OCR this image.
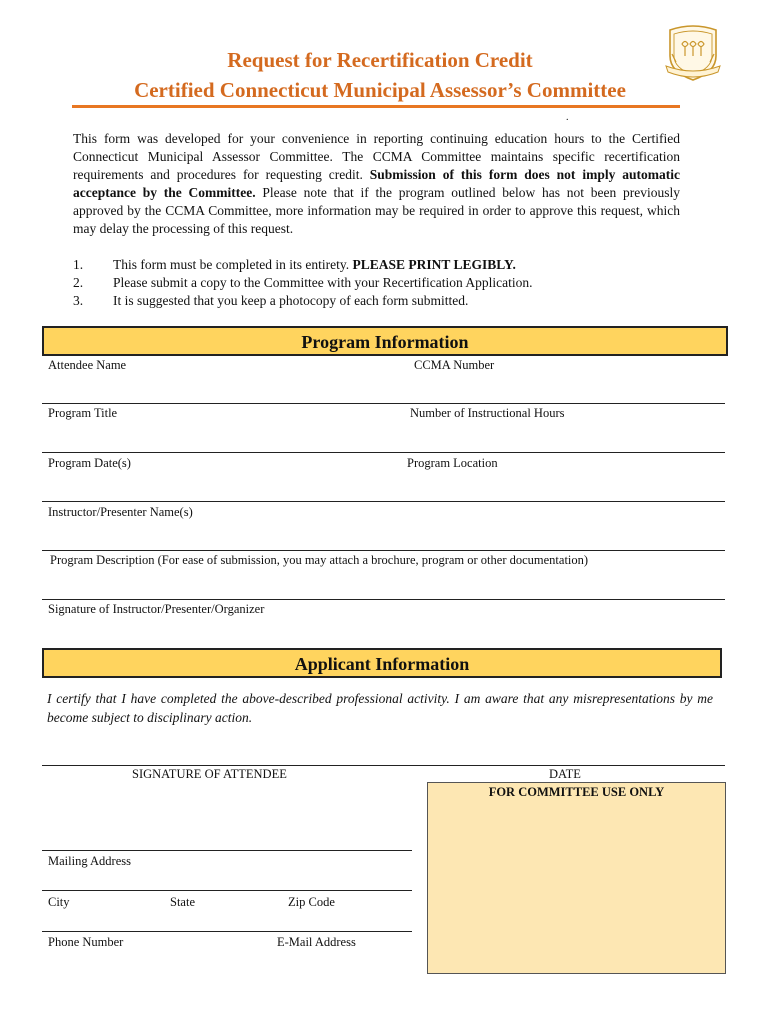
Request for Recertification Credit
Certified Connecticut Municipal Assessor’s Committee
.
This form was developed for your convenience in reporting continuing education hours to the Certified Connecticut Municipal Assessor Committee. The CCMA Committee maintains specific recertification requirements and procedures for requesting credit. Submission of this form does not imply automatic acceptance by the Committee. Please note that if the program outlined below has not been previously approved by the CCMA Committee, more information may be required in order to approve this request, which may delay the processing of this request.
1.	This form must be completed in its entirety. PLEASE PRINT LEGIBLY.
2.	Please submit a copy to the Committee with your Recertification Application.
3.	It is suggested that you keep a photocopy of each form submitted.
Program Information
Attendee Name	CCMA Number
Program Title	Number of Instructional Hours
Program Date(s)	Program Location
Instructor/Presenter Name(s)
Program Description (For ease of submission, you may attach a brochure, program or other documentation)
Signature of Instructor/Presenter/Organizer
Applicant Information
I certify that I have completed the above-described professional activity. I am aware that any misrepresentations by me become subject to disciplinary action.
SIGNATURE OF ATTENDEE	DATE
FOR COMMITTEE USE ONLY
Mailing Address
City	State	Zip Code
Phone Number	E-Mail Address
